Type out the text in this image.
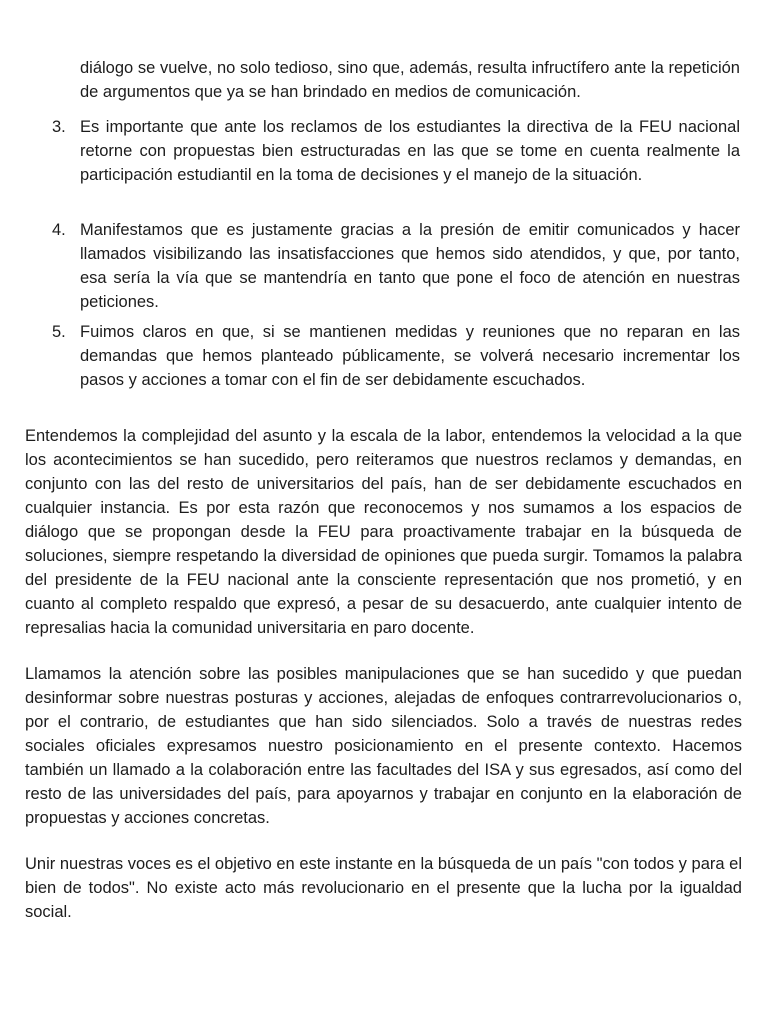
diálogo se vuelve, no solo tedioso, sino que, además, resulta infructífero ante la repetición de argumentos que ya se han brindado en medios de comunicación.

3. Es importante que ante los reclamos de los estudiantes la directiva de la FEU nacional retorne con propuestas bien estructuradas en las que se tome en cuenta realmente la participación estudiantil en la toma de decisiones y el manejo de la situación.

4. Manifestamos que es justamente gracias a la presión de emitir comunicados y hacer llamados visibilizando las insatisfacciones que hemos sido atendidos, y que, por tanto, esa sería la vía que se mantendría en tanto que pone el foco de atención en nuestras peticiones.

5. Fuimos claros en que, si se mantienen medidas y reuniones que no reparan en las demandas que hemos planteado públicamente, se volverá necesario incrementar los pasos y acciones a tomar con el fin de ser debidamente escuchados.

Entendemos la complejidad del asunto y la escala de la labor, entendemos la velocidad a la que los acontecimientos se han sucedido, pero reiteramos que nuestros reclamos y demandas, en conjunto con las del resto de universitarios del país, han de ser debidamente escuchados en cualquier instancia. Es por esta razón que reconocemos y nos sumamos a los espacios de diálogo que se propongan desde la FEU para proactivamente trabajar en la búsqueda de soluciones, siempre respetando la diversidad de opiniones que pueda surgir. Tomamos la palabra del presidente de la FEU nacional ante la consciente representación que nos prometió, y en cuanto al completo respaldo que expresó, a pesar de su desacuerdo, ante cualquier intento de represalias hacia la comunidad universitaria en paro docente.

Llamamos la atención sobre las posibles manipulaciones que se han sucedido y que puedan desinformar sobre nuestras posturas y acciones, alejadas de enfoques contrarrevolucionarios o, por el contrario, de estudiantes que han sido silenciados. Solo a través de nuestras redes sociales oficiales expresamos nuestro posicionamiento en el presente contexto. Hacemos también un llamado a la colaboración entre las facultades del ISA y sus egresados, así como del resto de las universidades del país, para apoyarnos y trabajar en conjunto en la elaboración de propuestas y acciones concretas.

Unir nuestras voces es el objetivo en este instante en la búsqueda de un país "con todos y para el bien de todos". No existe acto más revolucionario en el presente que la lucha por la igualdad social.
